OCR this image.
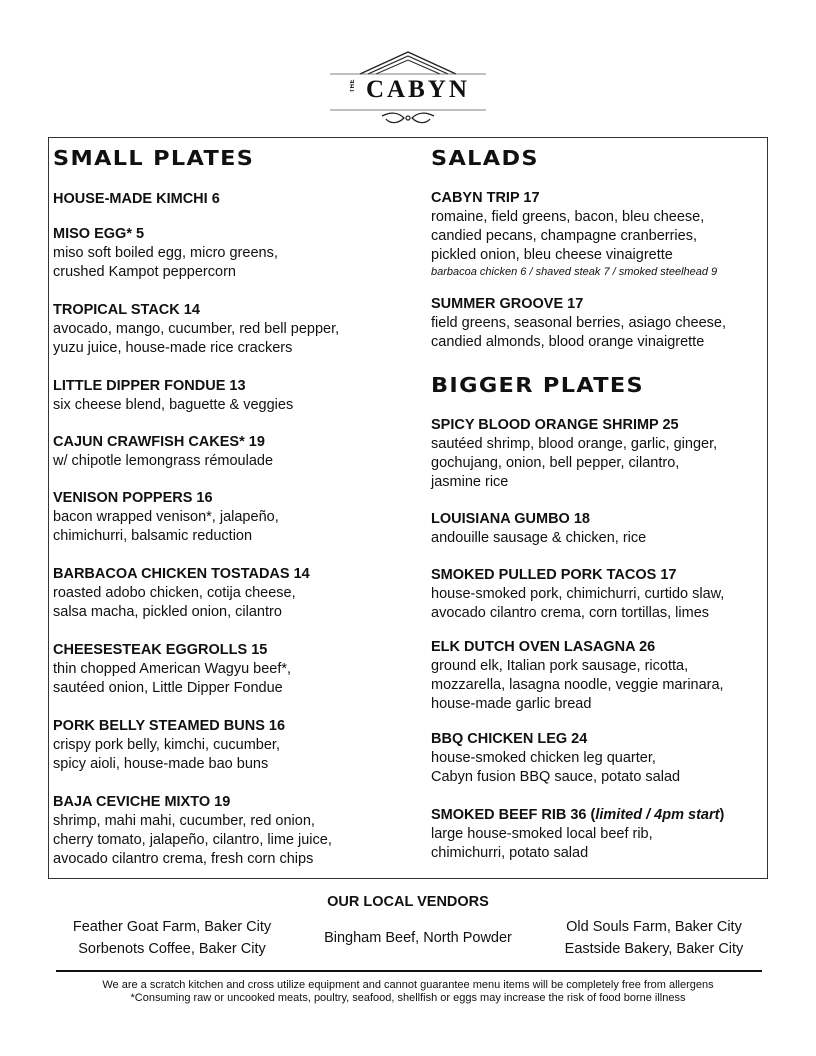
THE CABYN
SMALL PLATES
HOUSE-MADE KIMCHI 6
MISO EGG* 5
miso soft boiled egg, micro greens,
crushed Kampot peppercorn
TROPICAL STACK 14
avocado, mango, cucumber, red bell pepper,
yuzu juice, house-made rice crackers
LITTLE DIPPER FONDUE 13
six cheese blend, baguette & veggies
CAJUN CRAWFISH CAKES* 19
w/ chipotle lemongrass rémoulade
VENISON POPPERS 16
bacon wrapped venison*, jalapeño,
chimichurri, balsamic reduction
BARBACOA CHICKEN TOSTADAS 14
roasted adobo chicken, cotija cheese,
salsa macha, pickled onion, cilantro
CHEESESTEAK EGGROLLS 15
thin chopped American Wagyu beef*,
sautéed onion, Little Dipper Fondue
PORK BELLY STEAMED BUNS 16
crispy pork belly, kimchi, cucumber,
spicy aioli, house-made bao buns
BAJA CEVICHE MIXTO 19
shrimp, mahi mahi, cucumber, red onion,
cherry tomato, jalapeño, cilantro, lime juice,
avocado cilantro crema, fresh corn chips
SALADS
CABYN TRIP 17
romaine, field greens, bacon, bleu cheese,
candied pecans, champagne cranberries,
pickled onion, bleu cheese vinaigrette
barbacoa chicken 6 / shaved steak 7 / smoked steelhead 9
SUMMER GROOVE 17
field greens, seasonal berries, asiago cheese,
candied almonds, blood orange vinaigrette
BIGGER PLATES
SPICY BLOOD ORANGE SHRIMP 25
sautéed shrimp, blood orange, garlic, ginger,
gochujang, onion, bell pepper, cilantro,
jasmine rice
LOUISIANA GUMBO 18
andouille sausage & chicken, rice
SMOKED PULLED PORK TACOS 17
house-smoked pork, chimichurri, curtido slaw,
avocado cilantro crema, corn tortillas, limes
ELK DUTCH OVEN LASAGNA 26
ground elk, Italian pork sausage, ricotta,
mozzarella, lasagna noodle, veggie marinara,
house-made garlic bread
BBQ CHICKEN LEG 24
house-smoked chicken leg quarter,
Cabyn fusion BBQ sauce, potato salad
SMOKED BEEF RIB 36 (limited / 4pm start)
large house-smoked local beef rib,
chimichurri, potato salad
OUR LOCAL VENDORS
Feather Goat Farm, Baker City
Sorbenots Coffee, Baker City
Bingham Beef, North Powder
Old Souls Farm, Baker City
Eastside Bakery, Baker City
We are a scratch kitchen and cross utilize equipment and cannot guarantee menu items will be completely free from allergens
*Consuming raw or uncooked meats, poultry, seafood, shellfish or eggs may increase the risk of food borne illness
